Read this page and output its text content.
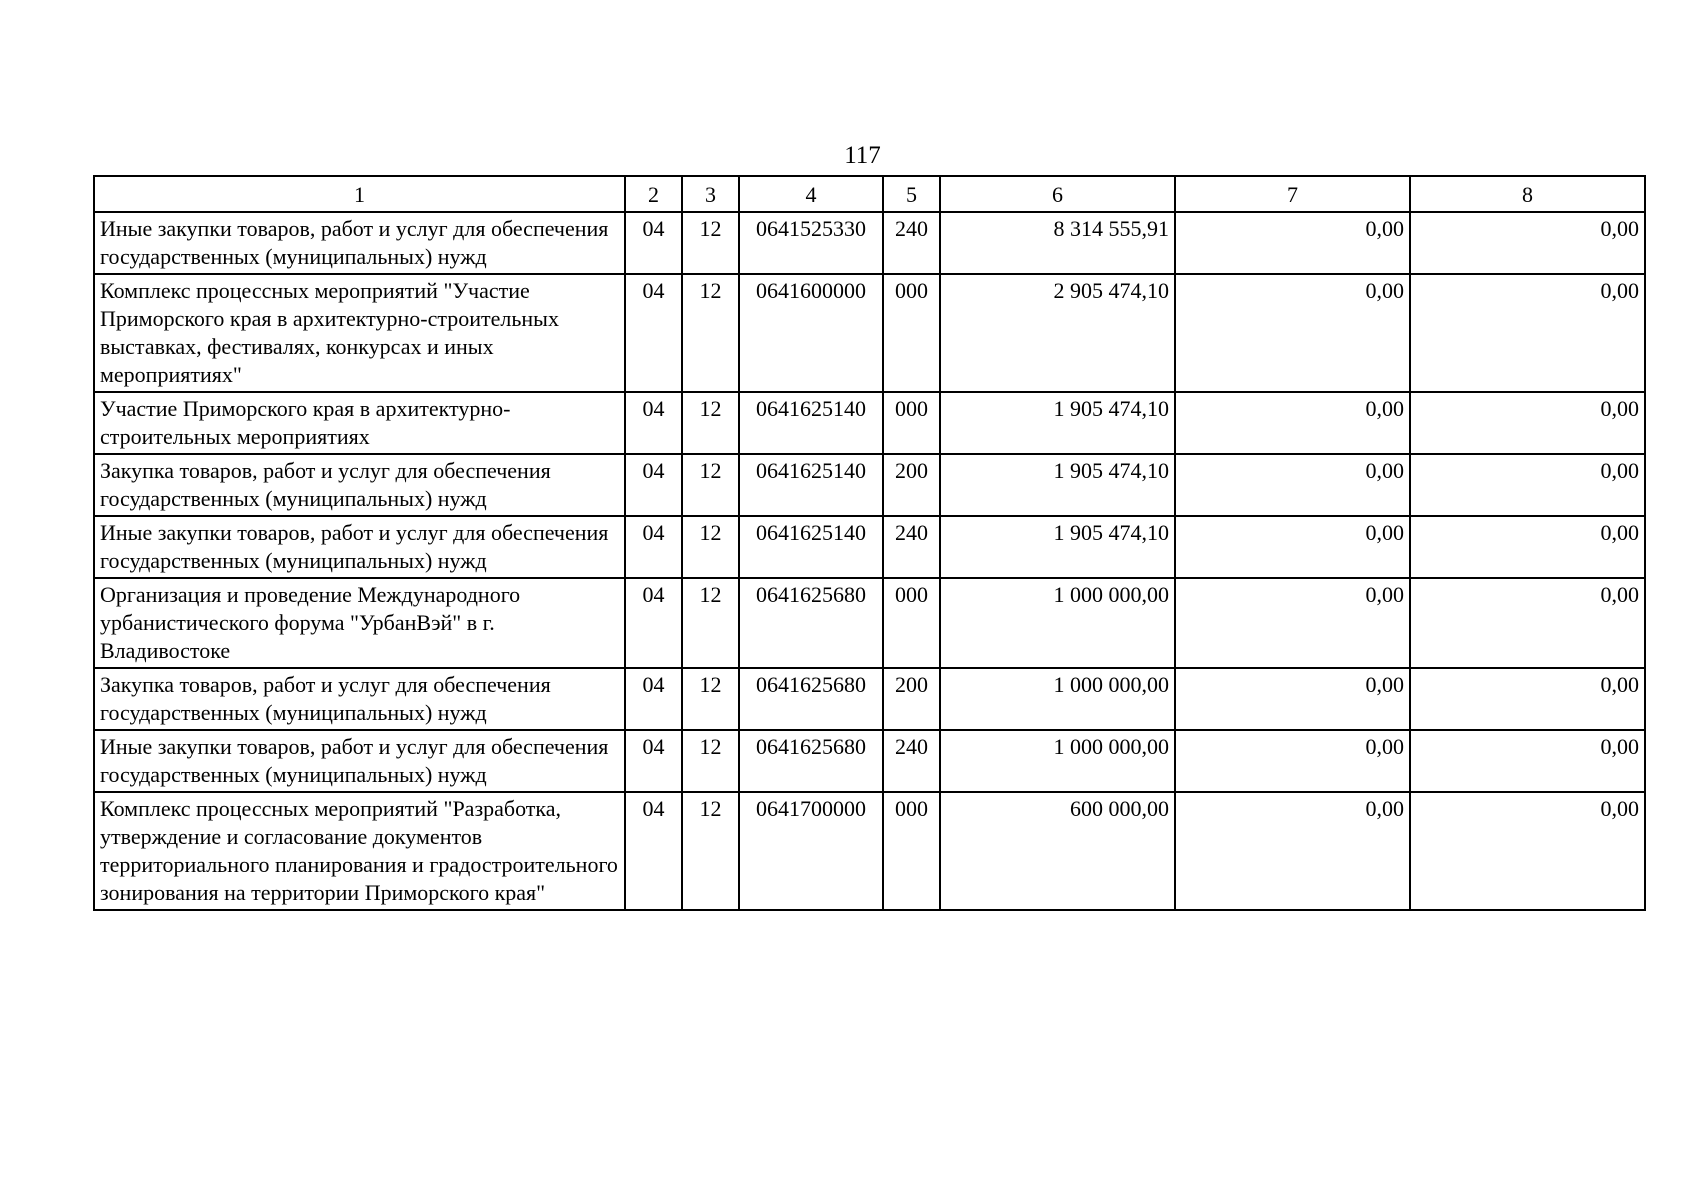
117
1	2	3	4	5	6	7	8
Иные закупки товаров, работ и услуг для обеспечения государственных (муниципальных) нужд	04	12	0641525330	240	8 314 555,91	0,00	0,00
Комплекс процессных мероприятий "Участие Приморского края в архитектурно-строительных выставках, фестивалях, конкурсах и иных мероприятиях"	04	12	0641600000	000	2 905 474,10	0,00	0,00
Участие Приморского края в архитектурно-строительных мероприятиях	04	12	0641625140	000	1 905 474,10	0,00	0,00
Закупка товаров, работ и услуг для обеспечения государственных (муниципальных) нужд	04	12	0641625140	200	1 905 474,10	0,00	0,00
Иные закупки товаров, работ и услуг для обеспечения государственных (муниципальных) нужд	04	12	0641625140	240	1 905 474,10	0,00	0,00
Организация и проведение Международного урбанистического форума "УрбанВэй" в г. Владивостоке	04	12	0641625680	000	1 000 000,00	0,00	0,00
Закупка товаров, работ и услуг для обеспечения государственных (муниципальных) нужд	04	12	0641625680	200	1 000 000,00	0,00	0,00
Иные закупки товаров, работ и услуг для обеспечения государственных (муниципальных) нужд	04	12	0641625680	240	1 000 000,00	0,00	0,00
Комплекс процессных мероприятий "Разработка, утверждение и согласование документов территориального планирования и градостроительного зонирования на территории Приморского края"	04	12	0641700000	000	600 000,00	0,00	0,00
